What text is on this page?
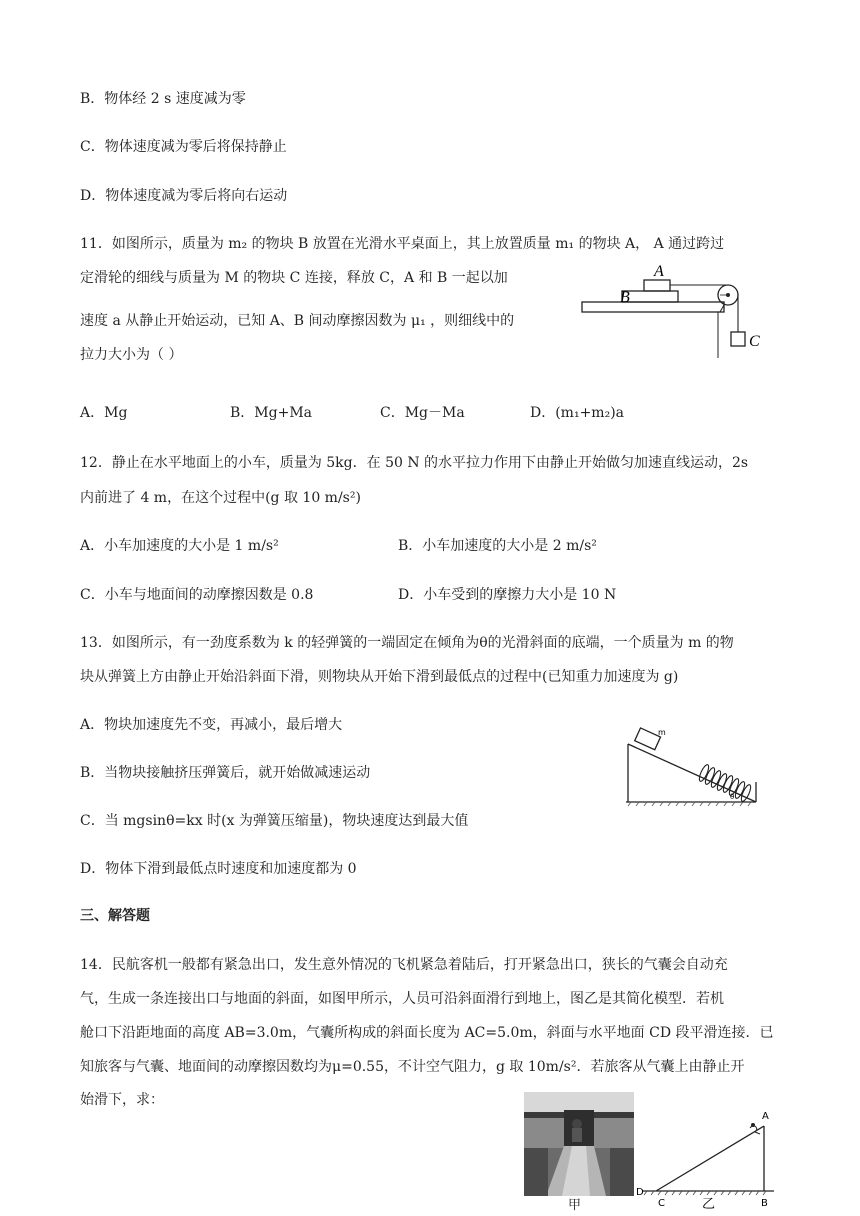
B．物体经 2 s 速度减为零
C．物体速度减为零后将保持静止
D．物体速度减为零后将向右运动
11．如图所示，质量为 m₂ 的物块 B 放置在光滑水平桌面上，其上放置质量 m₁ 的物块 A， A 通过跨过
定滑轮的细线与质量为 M 的物块 C 连接，释放 C，A 和 B 一起以加
速度 a 从静止开始运动，已知 A、B 间动摩擦因数为 μ₁ ，则细线中的
拉力大小为（ ）
A
B
C
A．Mg	B．Mg+Ma	C．Mg－Ma	D．(m₁+m₂)a
12．静止在水平地面上的小车，质量为 5kg．在 50 N 的水平拉力作用下由静止开始做匀加速直线运动，2s
内前进了 4 m，在这个过程中(g 取 10 m/s²)
A．小车加速度的大小是 1 m/s²	B．小车加速度的大小是 2 m/s²
C．小车与地面间的动摩擦因数是 0.8	D．小车受到的摩擦力大小是 10 N
13．如图所示，有一劲度系数为 k 的轻弹簧的一端固定在倾角为θ的光滑斜面的底端，一个质量为 m 的物
块从弹簧上方由静止开始沿斜面下滑，则物块从开始下滑到最低点的过程中(已知重力加速度为 g)
A．物块加速度先不变，再减小，最后增大
B．当物块接触挤压弹簧后，就开始做减速运动
C．当 mgsinθ=kx 时(x 为弹簧压缩量)，物块速度达到最大值
D．物体下滑到最低点时速度和加速度都为 0
m
θ
三、解答题
14．民航客机一般都有紧急出口，发生意外情况的飞机紧急着陆后，打开紧急出口，狭长的气囊会自动充
气，生成一条连接出口与地面的斜面，如图甲所示，人员可沿斜面滑行到地上，图乙是其简化模型．若机
舱口下沿距地面的高度 AB=3.0m，气囊所构成的斜面长度为 AC=5.0m，斜面与水平地面 CD 段平滑连接．已
知旅客与气囊、地面间的动摩擦因数均为μ=0.55，不计空气阻力，g 取 10m/s²．若旅客从气囊上由静止开
始滑下，求：
甲
A
B
C
D
乙
